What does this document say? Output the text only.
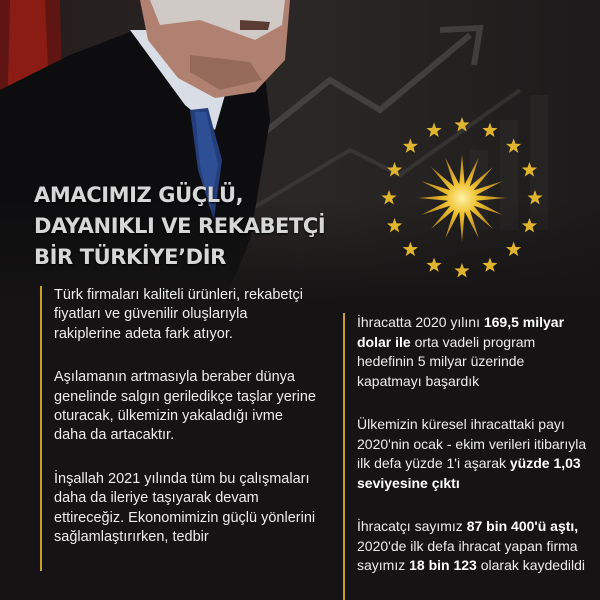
AMACIMIZ GÜÇLÜ,
DAYANIKLI VE REKABETÇİ
BİR TÜRKİYE’DİR

Türk firmaları kaliteli ürünleri, rekabetçi fiyatları ve güvenilir oluşlarıyla rakiplerine adeta fark atıyor.

Aşılamanın artmasıyla beraber dünya genelinde salgın geriledikçe taşlar yerine oturacak, ülkemizin yakaladığı ivme daha da artacaktır.

İnşallah 2021 yılında tüm bu çalışmaları daha da ileriye taşıyarak devam ettireceğiz. Ekonomimizin güçlü yönlerini sağlamlaştırırken, tedbir

İhracatta 2020 yılını 169,5 milyar dolar ile orta vadeli program hedefinin 5 milyar üzerinde kapatmayı başardık

Ülkemizin küresel ihracattaki payı 2020'nin ocak - ekim verileri itibarıyla ilk defa yüzde 1'i aşarak yüzde 1,03 seviyesine çıktı

İhracatçı sayımız 87 bin 400'ü aştı, 2020'de ilk defa ihracat yapan firma sayımız 18 bin 123 olarak kaydedildi
